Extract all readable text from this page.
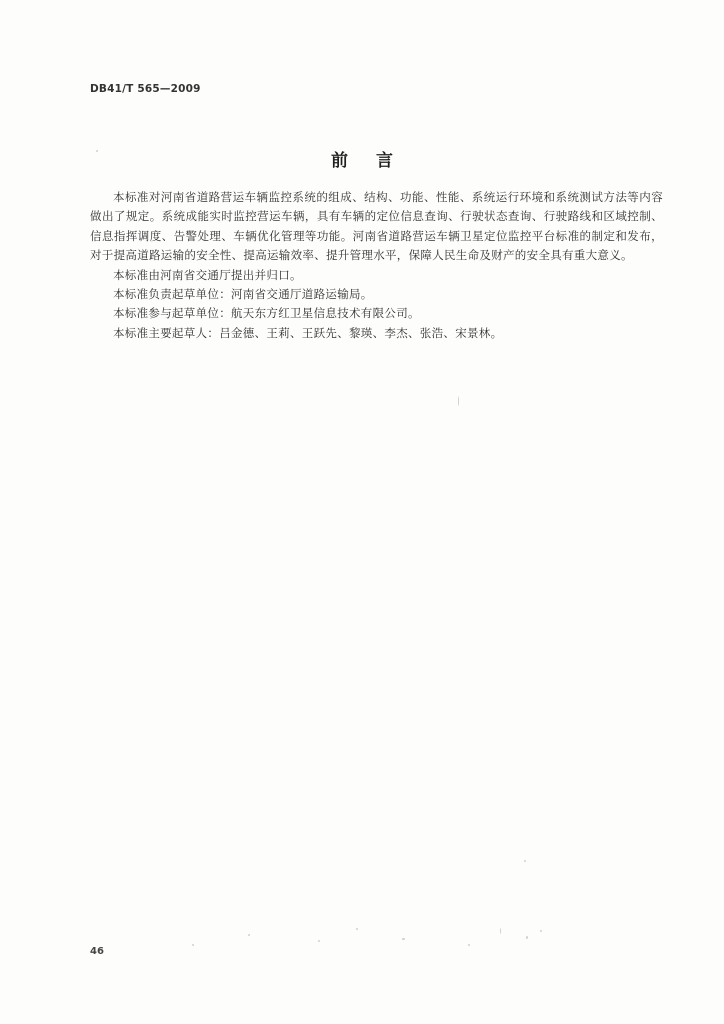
DB41/T 565—2009
前言

本标准对河南省道路营运车辆监控系统的组成、结构、功能、性能、系统运行环境和系统测试方法等内容做出了规定。系统成能实时监控营运车辆，具有车辆的定位信息查询、行驶状态查询、行驶路线和区域控制、信息指挥调度、告警处理、车辆优化管理等功能。河南省道路营运车辆卫星定位监控平台标准的制定和发布，对于提高道路运输的安全性、提高运输效率、提升管理水平，保障人民生命及财产的安全具有重大意义。

本标准由河南省交通厅提出并归口。

本标准负责起草单位：河南省交通厅道路运输局。

本标准参与起草单位：航天东方红卫星信息技术有限公司。

本标准主要起草人：吕金德、王莉、王跃先、黎瑛、李杰、张浩、宋景林。

46
